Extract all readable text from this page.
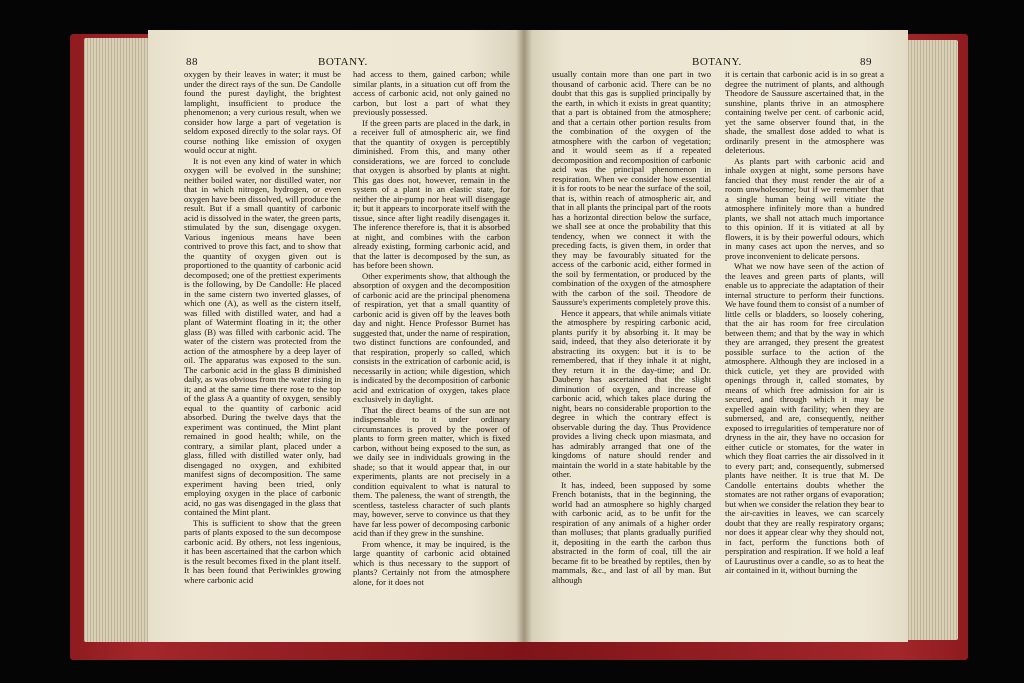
88	BOTANY.

oxygen by their leaves in water; it must be under the direct rays of the sun. De Candolle found the purest daylight, the brightest lamplight, insufficient to produce the phenomenon; a very curious result, when we consider how large a part of vegetation is seldom exposed directly to the solar rays. Of course nothing like emission of oxygen would occur at night.

It is not even any kind of water in which oxygen will be evolved in the sunshine; neither boiled water, nor distilled water, nor that in which nitrogen, hydrogen, or even oxygen have been dissolved, will produce the result. But if a small quantity of carbonic acid is dissolved in the water, the green parts, stimulated by the sun, disengage oxygen. Various ingenious means have been contrived to prove this fact, and to show that the quantity of oxygen given out is proportioned to the quantity of carbonic acid decomposed; one of the prettiest experiments is the following, by De Candolle: He placed in the same cistern two inverted glasses, of which one (A), as well as the cistern itself, was filled with distilled water, and had a plant of Watermint floating in it; the other glass (B) was filled with carbonic acid. The water of the cistern was protected from the action of the atmosphere by a deep layer of oil. The apparatus was exposed to the sun. The carbonic acid in the glass B diminished daily, as was obvious from the water rising in it; and at the same time there rose to the top of the glass A a quantity of oxygen, sensibly equal to the quantity of carbonic acid absorbed. During the twelve days that the experiment was continued, the Mint plant remained in good health; while, on the contrary, a similar plant, placed under a glass, filled with distilled water only, had disengaged no oxygen, and exhibited manifest signs of decomposition. The same experiment having been tried, only employing oxygen in the place of carbonic acid, no gas was disengaged in the glass that contained the Mint plant.

This is sufficient to show that the green parts of plants exposed to the sun decompose carbonic acid. By others, not less ingenious, it has been ascertained that the carbon which is the result becomes fixed in the plant itself. It has been found that Periwinkles growing where carbonic acid

had access to them, gained carbon; while similar plants, in a situation cut off from the access of carbonic acid, not only gained no carbon, but lost a part of what they previously possessed.

If the green parts are placed in the dark, in a receiver full of atmospheric air, we find that the quantity of oxygen is perceptibly diminished. From this, and many other considerations, we are forced to conclude that oxygen is absorbed by plants at night. This gas does not, however, remain in the system of a plant in an elastic state, for neither the air-pump nor heat will disengage it; but it appears to incorporate itself with the tissue, since after light readily disengages it. The inference therefore is, that it is absorbed at night, and combines with the carbon already existing, forming carbonic acid, and that the latter is decomposed by the sun, as has before been shown.

Other experiments show, that although the absorption of oxygen and the decomposition of carbonic acid are the principal phenomena of respiration, yet that a small quantity of carbonic acid is given off by the leaves both day and night. Hence Professor Burnet has suggested that, under the name of respiration, two distinct functions are confounded, and that respiration, properly so called, which consists in the extrication of carbonic acid, is necessarily in action; while digestion, which is indicated by the decomposition of carbonic acid and extrication of oxygen, takes place exclusively in daylight.

That the direct beams of the sun are not indispensable to it under ordinary circumstances is proved by the power of plants to form green matter, which is fixed carbon, without being exposed to the sun, as we daily see in individuals growing in the shade; so that it would appear that, in our experiments, plants are not precisely in a condition equivalent to what is natural to them. The paleness, the want of strength, the scentless, tasteless character of such plants may, however, serve to convince us that they have far less power of decomposing carbonic acid than if they grew in the sunshine.

From whence, it may be inquired, is the large quantity of carbonic acid obtained which is thus necessary to the support of plants? Certainly not from the atmosphere alone, for it does not

BOTANY.	89

usually contain more than one part in two thousand of carbonic acid. There can be no doubt that this gas is supplied principally by the earth, in which it exists in great quantity; that a part is obtained from the atmosphere; and that a certain other portion results from the combination of the oxygen of the atmosphere with the carbon of vegetation; and it would seem as if a repeated decomposition and recomposition of carbonic acid was the principal phenomenon in respiration. When we consider how essential it is for roots to be near the surface of the soil, that is, within reach of atmospheric air, and that in all plants the principal part of the roots has a horizontal direction below the surface, we shall see at once the probability that this tendency, when we connect it with the preceding facts, is given them, in order that they may be favourably situated for the access of the carbonic acid, either formed in the soil by fermentation, or produced by the combination of the oxygen of the atmosphere with the carbon of the soil. Theodore de Saussure's experiments completely prove this.

Hence it appears, that while animals vitiate the atmosphere by respiring carbonic acid, plants purify it by absorbing it. It may be said, indeed, that they also deteriorate it by abstracting its oxygen: but it is to be remembered, that if they inhale it at night, they return it in the day-time; and Dr. Daubeny has ascertained that the slight diminution of oxygen, and increase of carbonic acid, which takes place during the night, bears no considerable proportion to the degree in which the contrary effect is observable during the day. Thus Providence provides a living check upon miasmata, and has admirably arranged that one of the kingdoms of nature should render and maintain the world in a state habitable by the other.

It has, indeed, been supposed by some French botanists, that in the beginning, the world had an atmosphere so highly charged with carbonic acid, as to be unfit for the respiration of any animals of a higher order than molluses; that plants gradually purified it, depositing in the earth the carbon thus abstracted in the form of coal, till the air became fit to be breathed by reptiles, then by mammals, &c., and last of all by man. But although

it is certain that carbonic acid is in so great a degree the nutriment of plants, and although Theodore de Saussure ascertained that, in the sunshine, plants thrive in an atmosphere containing twelve per cent. of carbonic acid, yet the same observer found that, in the shade, the smallest dose added to what is ordinarily present in the atmosphere was deleterious.

As plants part with carbonic acid and inhale oxygen at night, some persons have fancied that they must render the air of a room unwholesome; but if we remember that a single human being will vitiate the atmosphere infinitely more than a hundred plants, we shall not attach much importance to this opinion. If it is vitiated at all by flowers, it is by their powerful odours, which in many cases act upon the nerves, and so prove inconvenient to delicate persons.

What we now have seen of the action of the leaves and green parts of plants, will enable us to appreciate the adaptation of their internal structure to perform their functions. We have found them to consist of a number of little cells or bladders, so loosely cohering, that the air has room for free circulation between them; and that by the way in which they are arranged, they present the greatest possible surface to the action of the atmosphere. Although they are inclosed in a thick cuticle, yet they are provided with openings through it, called stomates, by means of which free admission for air is secured, and through which it may be expelled again with facility; when they are submersed, and are, consequently, neither exposed to irregularities of temperature nor of dryness in the air, they have no occasion for either cuticle or stomates, for the water in which they float carries the air dissolved in it to every part; and, consequently, submersed plants have neither. It is true that M. De Candolle entertains doubts whether the stomates are not rather organs of evaporation; but when we consider the relation they bear to the air-cavities in leaves, we can scarcely doubt that they are really respiratory organs; nor does it appear clear why they should not, in fact, perform the functions both of perspiration and respiration. If we hold a leaf of Laurustinus over a candle, so as to heat the air contained in it, without burning the
